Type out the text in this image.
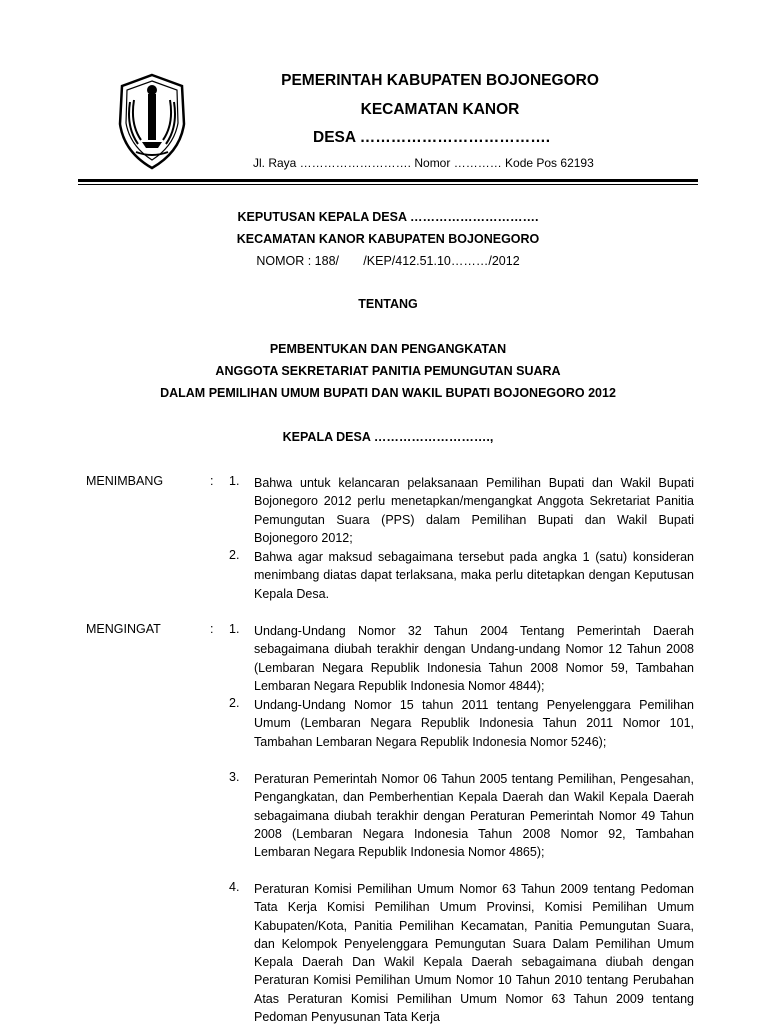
PEMERINTAH KABUPATEN BOJONEGORO
KECAMATAN KANOR
DESA ……………………………….
Jl. Raya ………………………. Nomor ………… Kode Pos 62193
KEPUTUSAN KEPALA DESA ………………………….
KECAMATAN KANOR KABUPATEN BOJONEGORO
NOMOR : 188/       /KEP/412.51.10………/2012
TENTANG
PEMBENTUKAN DAN PENGANGKATAN
ANGGOTA SEKRETARIAT PANITIA PEMUNGUTAN SUARA
DALAM PEMILIHAN UMUM BUPATI DAN WAKIL BUPATI BOJONEGORO 2012
KEPALA DESA ……………………….,
MENIMBANG	: 1. Bahwa untuk kelancaran pelaksanaan Pemilihan Bupati dan Wakil Bupati Bojonegoro 2012 perlu menetapkan/mengangkat Anggota Sekretariat Panitia Pemungutan Suara (PPS) dalam Pemilihan Bupati dan Wakil Bupati Bojonegoro 2012;
2. Bahwa agar maksud sebagaimana tersebut pada angka 1 (satu) konsideran menimbang diatas dapat terlaksana, maka perlu ditetapkan dengan Keputusan Kepala Desa.
MENGINGAT	: 1. Undang-Undang Nomor 32 Tahun 2004 Tentang Pemerintah Daerah sebagaimana diubah terakhir dengan Undang-undang Nomor 12 Tahun 2008 (Lembaran Negara Republik Indonesia Tahun 2008 Nomor 59, Tambahan Lembaran Negara Republik Indonesia Nomor 4844);
2. Undang-Undang Nomor 15 tahun 2011 tentang Penyelenggara Pemilihan Umum (Lembaran Negara Republik Indonesia Tahun 2011 Nomor 101, Tambahan Lembaran Negara Republik Indonesia Nomor 5246);
3. Peraturan Pemerintah Nomor 06 Tahun 2005 tentang Pemilihan, Pengesahan, Pengangkatan, dan Pemberhentian Kepala Daerah dan Wakil Kepala Daerah sebagaimana diubah terakhir dengan Peraturan Pemerintah Nomor 49 Tahun 2008 (Lembaran Negara Indonesia Tahun 2008 Nomor 92, Tambahan Lembaran Negara Republik Indonesia Nomor 4865);
4. Peraturan Komisi Pemilihan Umum Nomor 63 Tahun 2009 tentang Pedoman Tata Kerja Komisi Pemilihan Umum Provinsi, Komisi Pemilihan Umum Kabupaten/Kota, Panitia Pemilihan Kecamatan, Panitia Pemungutan Suara, dan Kelompok Penyelenggara Pemungutan Suara Dalam Pemilihan Umum Kepala Daerah Dan Wakil Kepala Daerah sebagaimana diubah dengan Peraturan Komisi Pemilihan Umum Nomor 10 Tahun 2010 tentang Perubahan Atas Peraturan Komisi Pemilihan Umum Nomor 63 Tahun 2009 tentang Pedoman Penyusunan Tata Kerja
